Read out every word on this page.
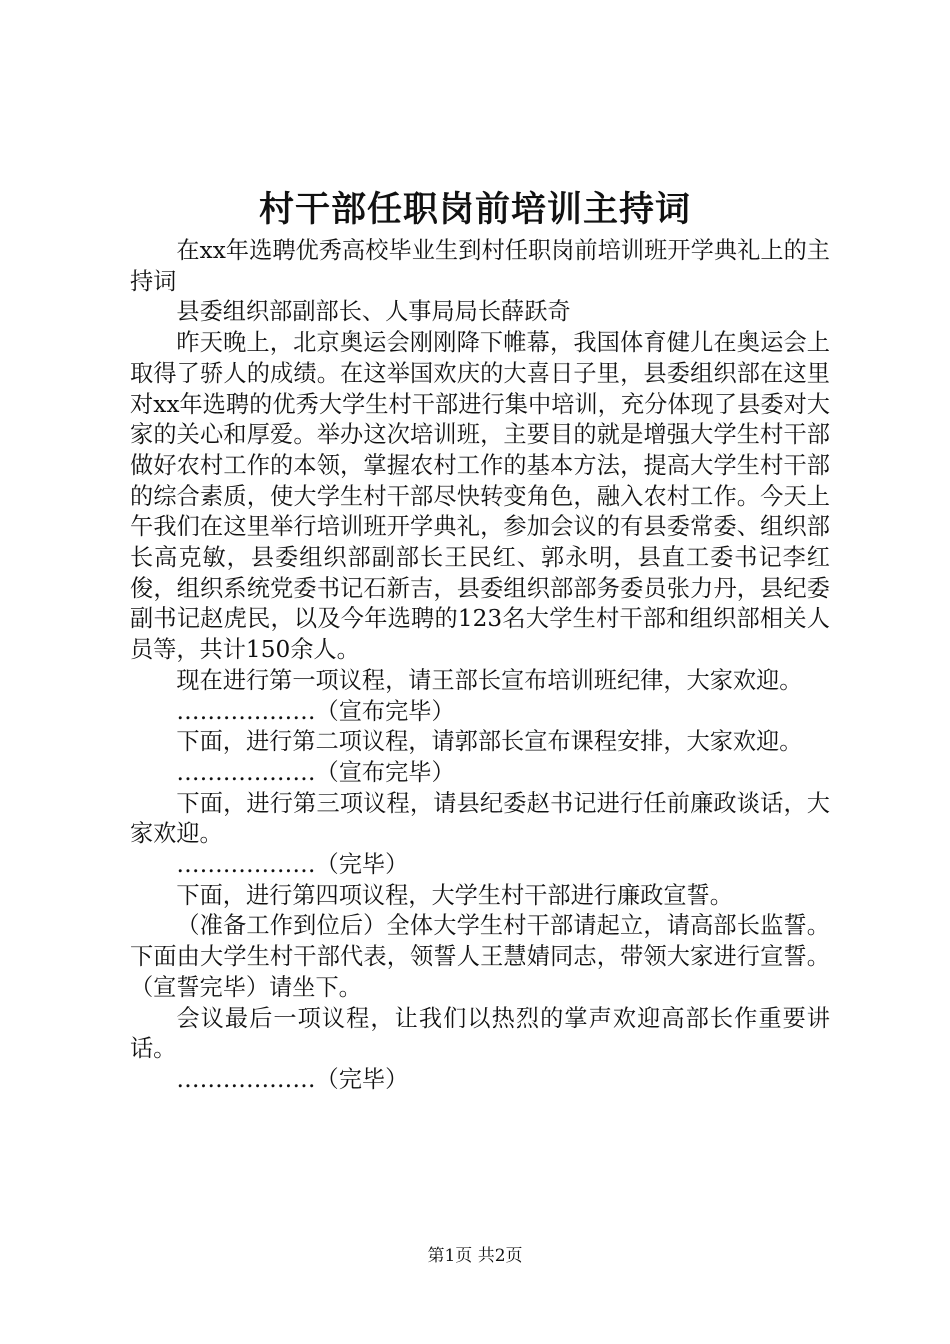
村干部任职岗前培训主持词

在xx年选聘优秀高校毕业生到村任职岗前培训班开学典礼上的主持词

县委组织部副部长、人事局局长薛跃奇

昨天晚上，北京奥运会刚刚降下帷幕，我国体育健儿在奥运会上取得了骄人的成绩。在这举国欢庆的大喜日子里，县委组织部在这里对xx年选聘的优秀大学生村干部进行集中培训，充分体现了县委对大家的关心和厚爱。举办这次培训班，主要目的就是增强大学生村干部做好农村工作的本领，掌握农村工作的基本方法，提高大学生村干部的综合素质，使大学生村干部尽快转变角色，融入农村工作。今天上午我们在这里举行培训班开学典礼，参加会议的有县委常委、组织部长高克敏，县委组织部副部长王民红、郭永明，县直工委书记李红俊，组织系统党委书记石新吉，县委组织部部务委员张力丹，县纪委副书记赵虎民，以及今年选聘的123名大学生村干部和组织部相关人员等，共计150余人。

现在进行第一项议程，请王部长宣布培训班纪律，大家欢迎。

………………（宣布完毕）

下面，进行第二项议程，请郭部长宣布课程安排，大家欢迎。

………………（宣布完毕）

下面，进行第三项议程，请县纪委赵书记进行任前廉政谈话，大家欢迎。

………………（完毕）

下面，进行第四项议程，大学生村干部进行廉政宣誓。

（准备工作到位后）全体大学生村干部请起立，请高部长监誓。下面由大学生村干部代表，领誓人王慧婧同志，带领大家进行宣誓。（宣誓完毕）请坐下。

会议最后一项议程，让我们以热烈的掌声欢迎高部长作重要讲话。

………………（完毕）

第1页 共2页
